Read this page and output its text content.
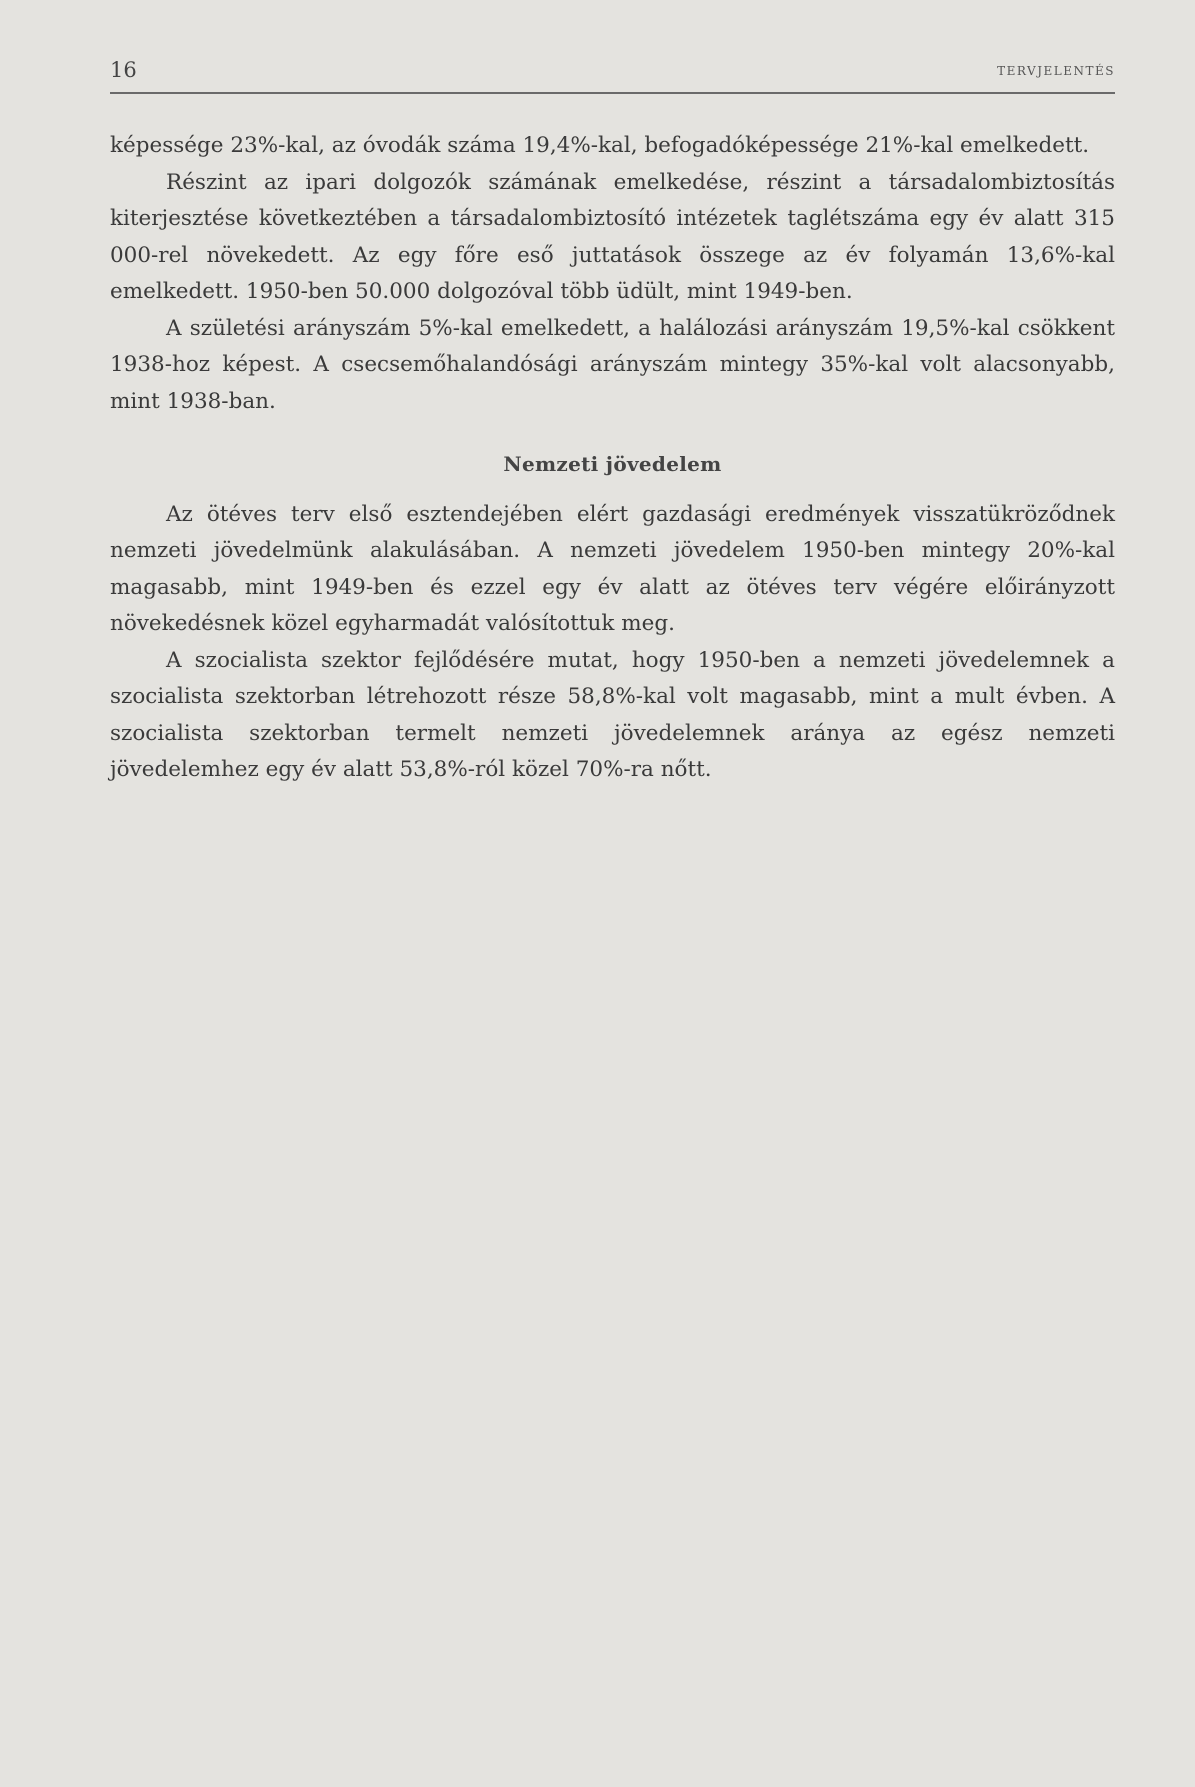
16	TERVJELENTÉS

képessége 23%-kal, az óvodák száma 19,4%-kal, befogadóképessége 21%-kal emelkedett.

Részint az ipari dolgozók számának emelkedése, részint a társadalombiztosítás kiterjesztése következtében a társadalombiztosító intézetek taglétszáma egy év alatt 315 000-rel növekedett. Az egy főre eső juttatások összege az év folyamán 13,6%-kal emelkedett. 1950-ben 50.000 dolgozóval több üdült, mint 1949-ben.

A születési arányszám 5%-kal emelkedett, a halálozási arányszám 19,5%-kal csökkent 1938-hoz képest. A csecsemőhalandósági arányszám mintegy 35%-kal volt alacsonyabb, mint 1938-ban.

Nemzeti jövedelem

Az ötéves terv első esztendejében elért gazdasági eredmények visszatükröződnek nemzeti jövedelmünk alakulásában. A nemzeti jövedelem 1950-ben mintegy 20%-kal magasabb, mint 1949-ben és ezzel egy év alatt az ötéves terv végére előirányzott növekedésnek közel egyharmadát valósítottuk meg.

A szocialista szektor fejlődésére mutat, hogy 1950-ben a nemzeti jövedelemnek a szocialista szektorban létrehozott része 58,8%-kal volt magasabb, mint a mult évben. A szocialista szektorban termelt nemzeti jövedelemnek aránya az egész nemzeti jövedelemhez egy év alatt 53,8%-ról közel 70%-ra nőtt.
